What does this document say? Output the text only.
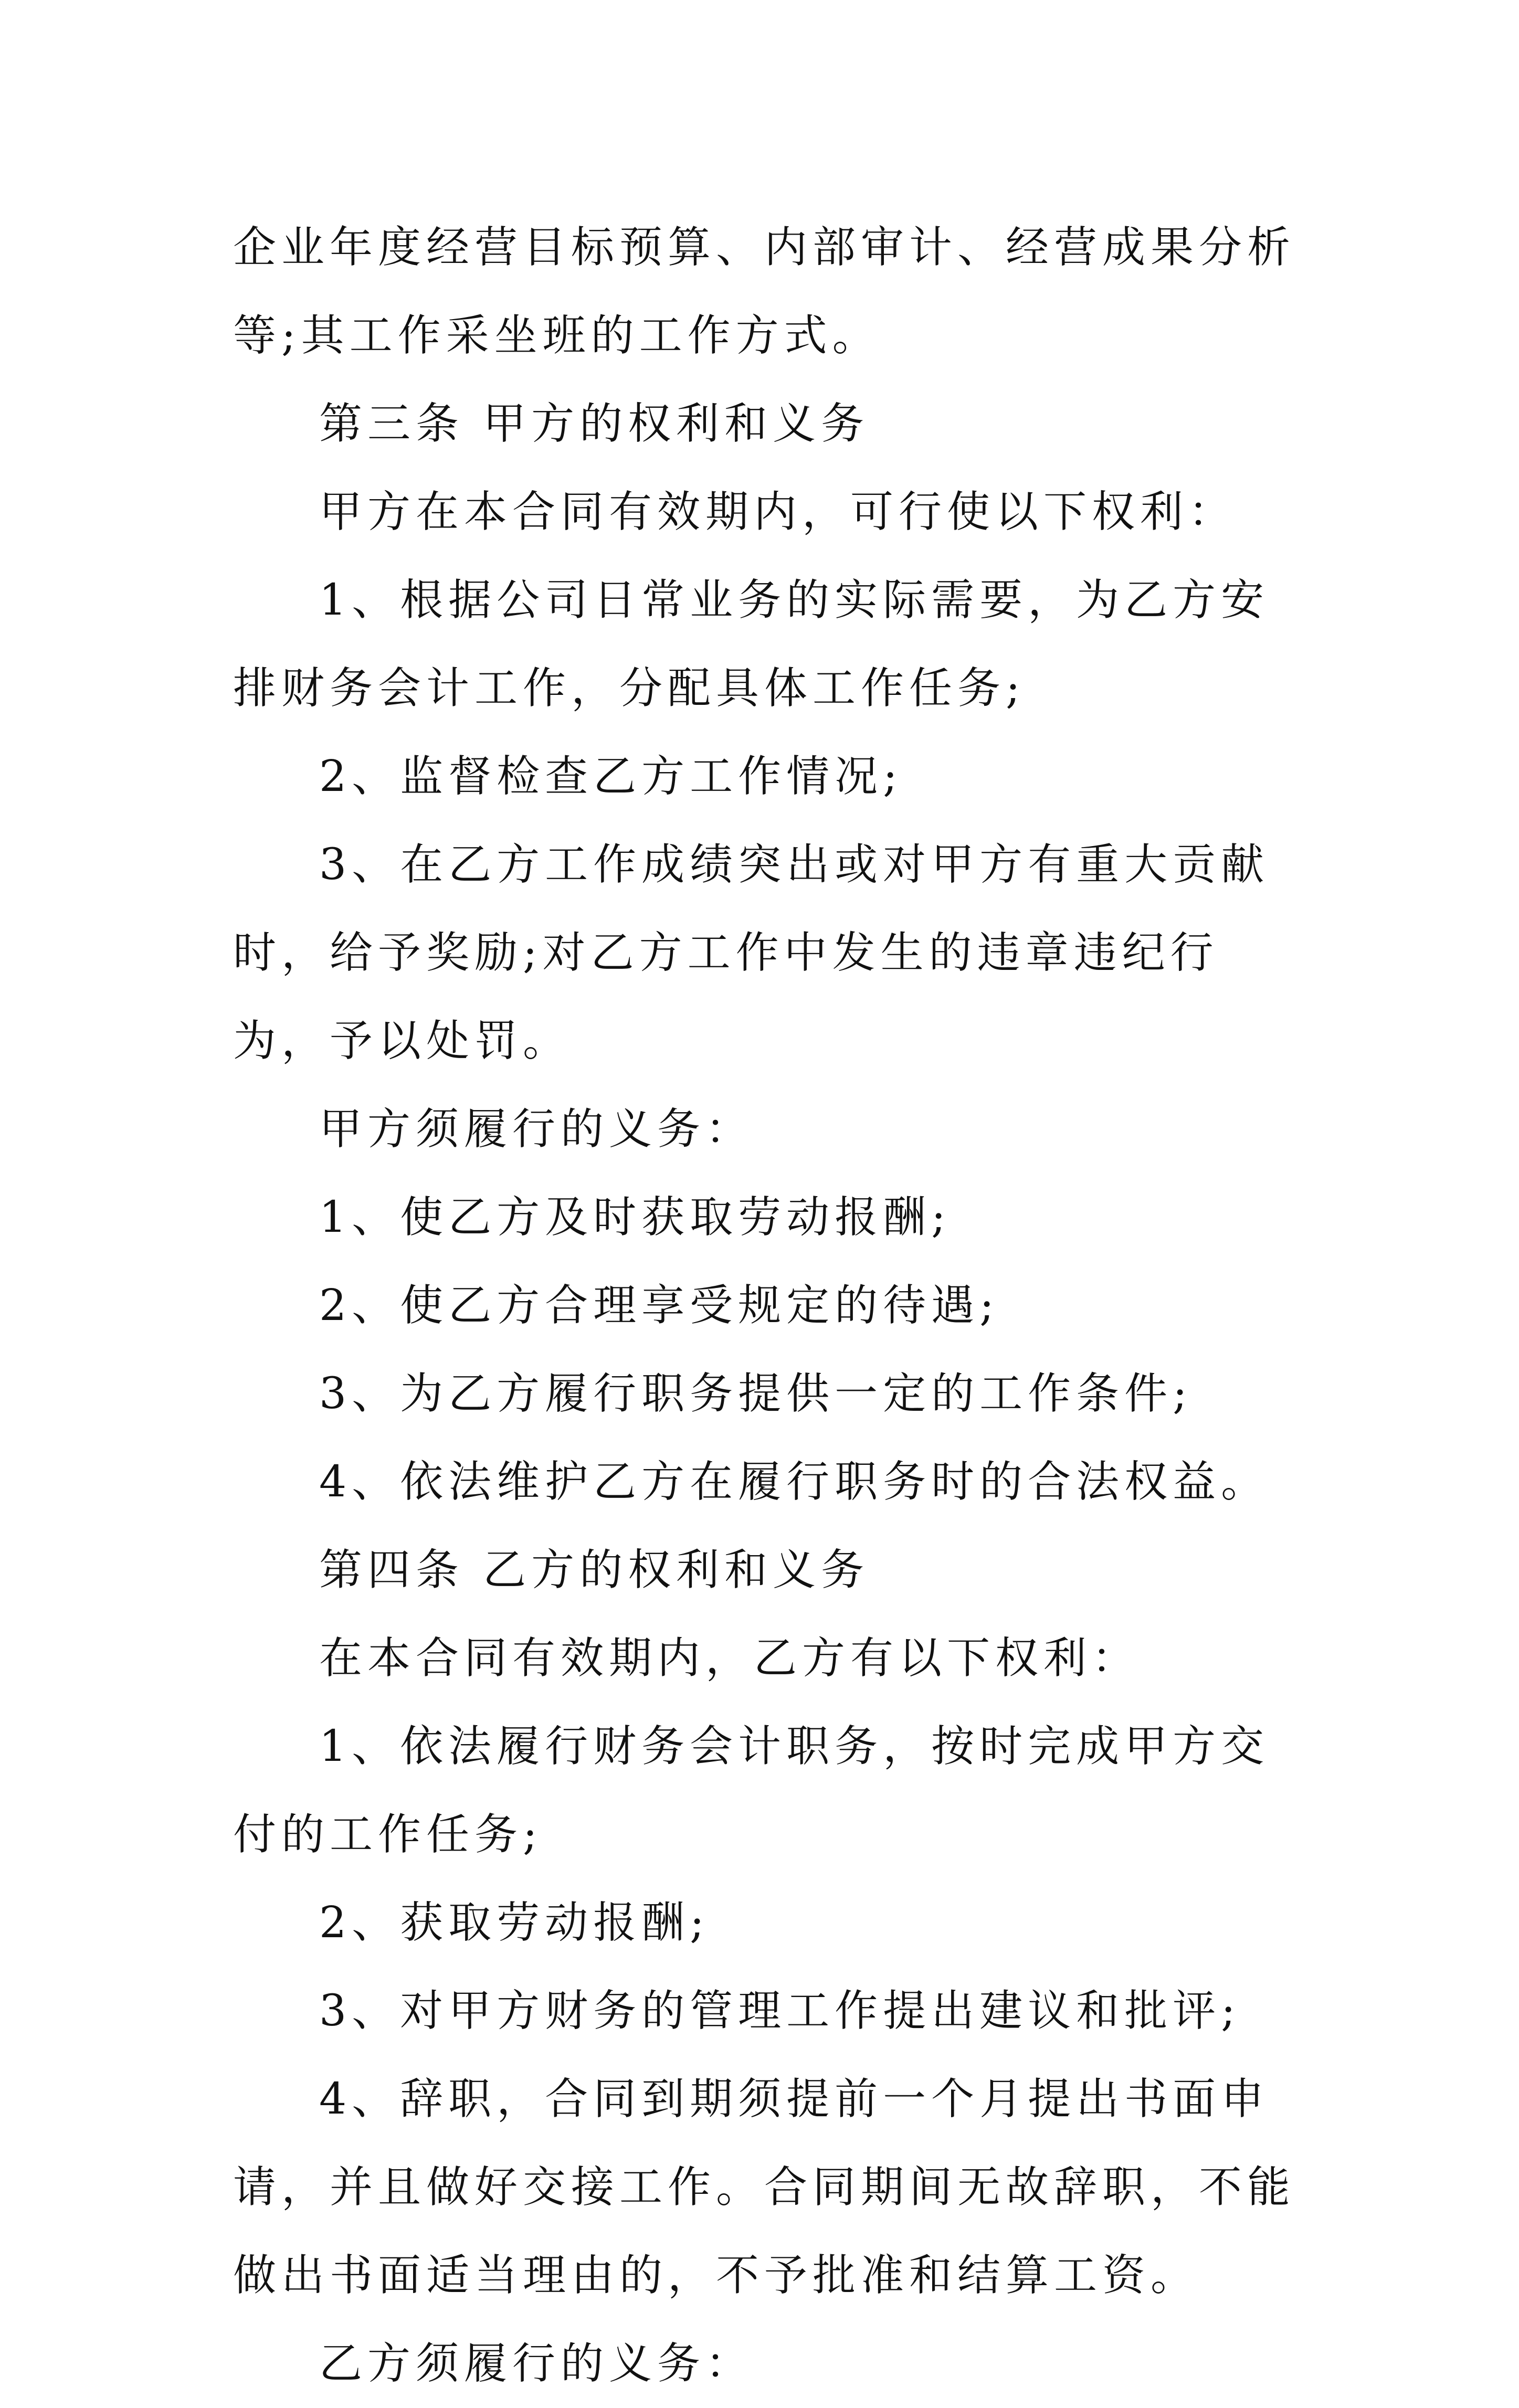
企业年度经营目标预算、内部审计、经营成果分析等;其工作采坐班的工作方式。

第三条 甲方的权利和义务

甲方在本合同有效期内，可行使以下权利：

1、根据公司日常业务的实际需要，为乙方安排财务会计工作，分配具体工作任务;

2、监督检查乙方工作情况;

3、在乙方工作成绩突出或对甲方有重大贡献时，给予奖励;对乙方工作中发生的违章违纪行为，予以处罚。

甲方须履行的义务：

1、使乙方及时获取劳动报酬;

2、使乙方合理享受规定的待遇;

3、为乙方履行职务提供一定的工作条件;

4、依法维护乙方在履行职务时的合法权益。

第四条 乙方的权利和义务

在本合同有效期内，乙方有以下权利：

1、依法履行财务会计职务，按时完成甲方交付的工作任务;

2、获取劳动报酬;

3、对甲方财务的管理工作提出建议和批评;

4、辞职，合同到期须提前一个月提出书面申请，并且做好交接工作。合同期间无故辞职，不能做出书面适当理由的，不予批准和结算工资。

乙方须履行的义务：
